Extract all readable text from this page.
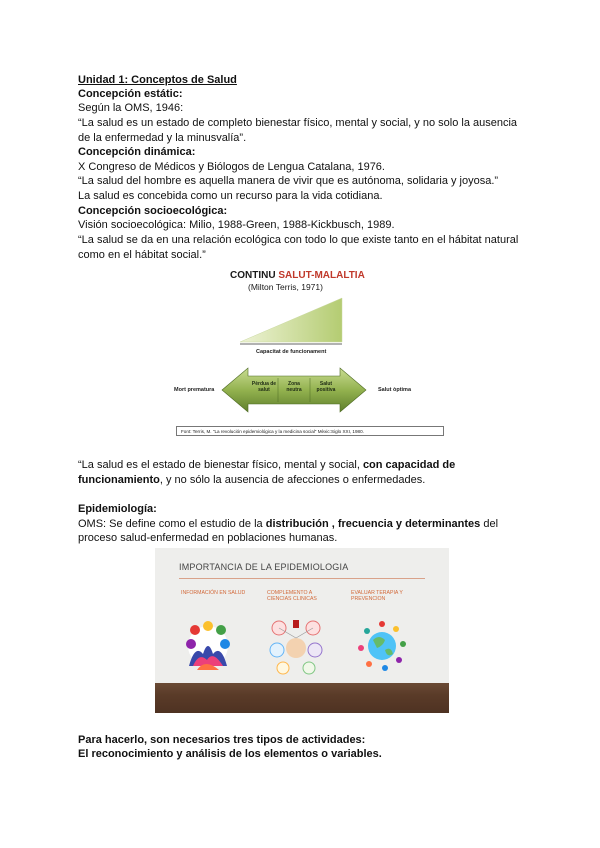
Unidad 1: Conceptos de Salud
Concepción estátic:
Según la OMS, 1946:
“La salud es un estado de completo bienestar físico, mental y social, y no solo la ausencia
de la enfermedad y la minusvalía”.
Concepción dinámica:
X Congreso de Médicos y Biólogos de Lengua Catalana, 1976.
“La salud del hombre es aquella manera de vivir que es autónoma, solidaria y joyosa.”
La salud es concebida como un recurso para la vida cotidiana.
Concepción socioecológica:
Visión socioecológica: Milio, 1988-Green, 1988-Kickbusch, 1989.
“La salud se da en una relación ecológica con todo lo que existe tanto en el hábitat natural
como en el hábitat social.”
CONTINU SALUT-MALALTIA
(Milton Terris, 1971)
Capacitat de funcionament
Mort prematura	Salut òptima
Pèrdua de salut
Zona neutra
Salut positiva
Font: Terris, M. "La revolución epidemiológica y la medicina social" Mèxic:Siglo XXI, 1980.
“La salud es el estado de bienestar físico, mental y social, con capacidad de
funcionamiento, y no sólo la ausencia de afecciones o enfermedades.
Epidemiología:
OMS: Se define como el estudio de la distribución , frecuencia y determinantes del
proceso salud-enfermedad en poblaciones humanas.
IMPORTANCIA DE LA EPIDEMIOLOGIA
INFORMACIÓN EN SALUD	COMPLEMENTO A CIENCIAS CLINICAS
EVALUAR TERAPIA Y PREVENCION
Para hacerlo, son necesarios tres tipos de actividades:
El reconocimiento y análisis de los elementos o variables.
